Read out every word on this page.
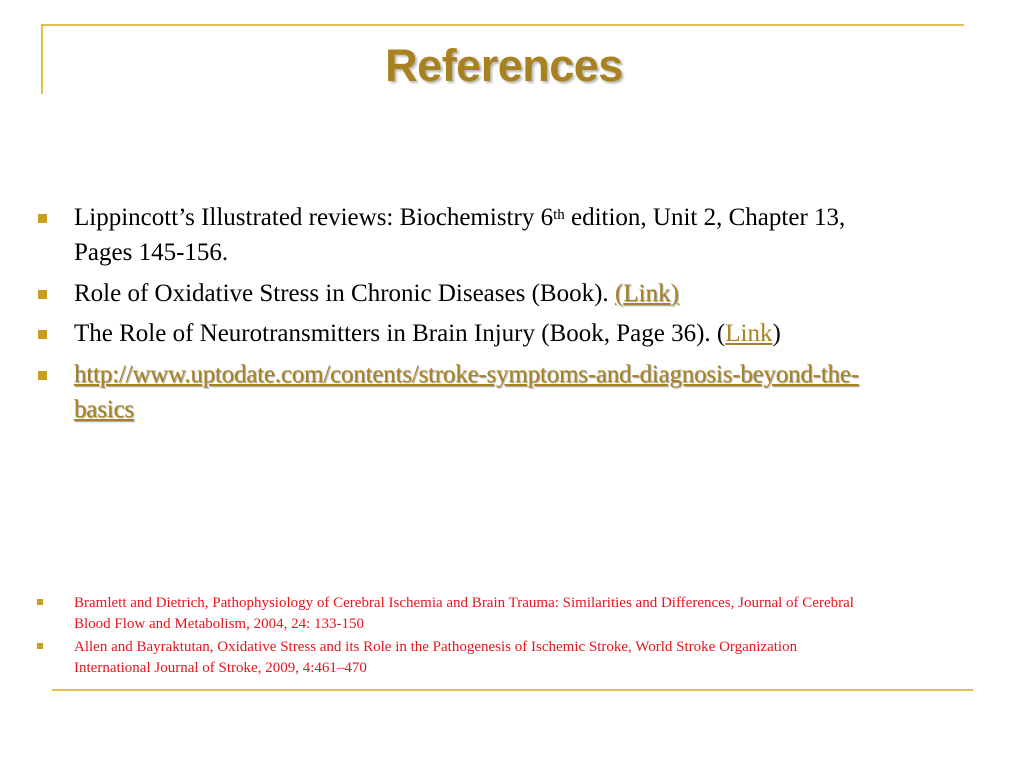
References
Lippincott’s Illustrated reviews: Biochemistry 6th edition, Unit 2, Chapter 13,
Pages 145-156.
Role of Oxidative Stress in Chronic Diseases (Book). (Link)
The Role of Neurotransmitters in Brain Injury (Book, Page 36). (Link)
http://www.uptodate.com/contents/stroke-symptoms-and-diagnosis-beyond-the-
basics
Bramlett and Dietrich, Pathophysiology of Cerebral Ischemia and Brain Trauma: Similarities and Differences, Journal of Cerebral
Blood Flow and Metabolism, 2004, 24: 133-150
Allen and Bayraktutan, Oxidative Stress and its Role in the Pathogenesis of Ischemic Stroke, World Stroke Organization
International Journal of Stroke, 2009, 4:461–470
